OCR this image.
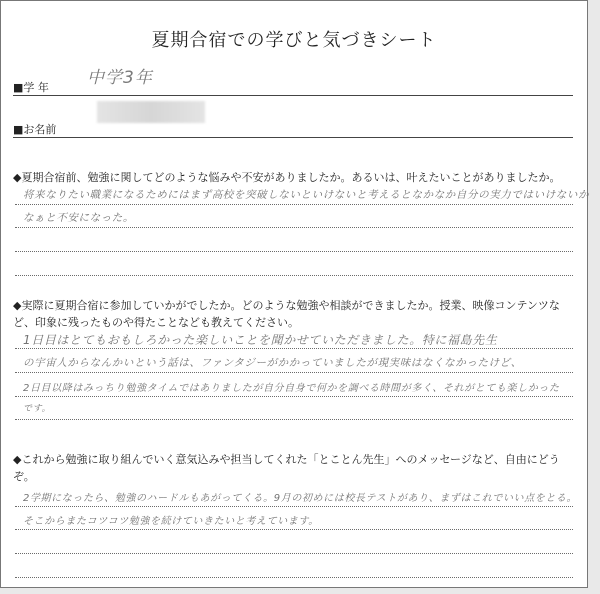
夏期合宿での学びと気づきシート
■学 年 中学3年
■お名前
◆夏期合宿前、勉強に関してどのような悩みや不安がありましたか。あるいは、叶えたいことがありましたか。
将来なりたい職業になるためにはまず高校を突破しないといけないと考えるとなかなか自分の実力ではいけないか
なぁと不安になった。
◆実際に夏期合宿に参加していかがでしたか。どのような勉強や相談ができましたか。授業、映像コンテンツなど、印象に残ったものや得たことなども教えてください。
1日目はとてもおもしろかった楽しいことを聞かせていただきました。特に福島先生
の宇宙人からなんかいという話は、ファンタジーがかかっていましたが現実味はなくなかったけど、
2日目以降はみっちり勉強タイムではありましたが自分自身で何かを調べる時間が多く、それがとても楽しかった
です。
◆これから勉強に取り組んでいく意気込みや担当してくれた「とことん先生」へのメッセージなど、自由にどうぞ。
2学期になったら、勉強のハードルもあがってくる。9月の初めには校長テストがあり、まずはこれでいい点をとる。
そこからまたコツコツ勉強を続けていきたいと考えています。
